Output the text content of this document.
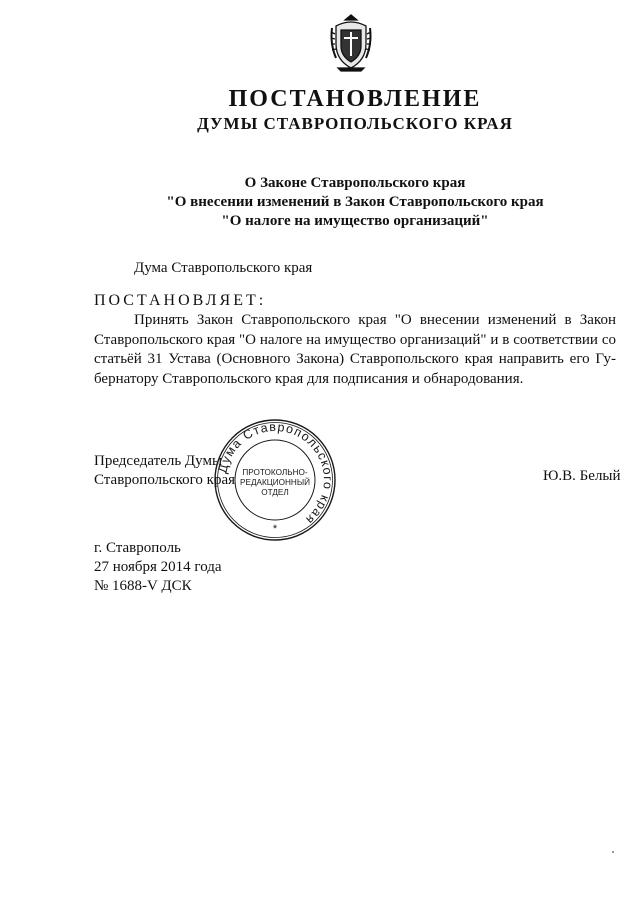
ПОСТАНОВЛЕНИЕ
ДУМЫ СТАВРОПОЛЬСКОГО КРАЯ
О Законе Ставропольского края
"О внесении изменений в Закон Ставропольского края
"О налоге на имущество организаций"
Дума Ставропольского края
ПОСТАНОВЛЯЕТ:
Принять Закон Ставропольского края "О внесении изменений в Закон
Ставропольского края "О налоге на имущество организаций" и в соответствии со
статьёй 31 Устава (Основного Закона) Ставропольского края направить его Гу-
бернатору Ставропольского края для подписания и обнародования.
Председатель Думы
Ставропольского края	Ю.В. Белый
Дума Ставропольского края
ПРОТОКОЛЬНО-
РЕДАКЦИОННЫЙ
ОТДЕЛ
*
г. Ставрополь
27 ноября 2014 года
№ 1688-V ДСК
